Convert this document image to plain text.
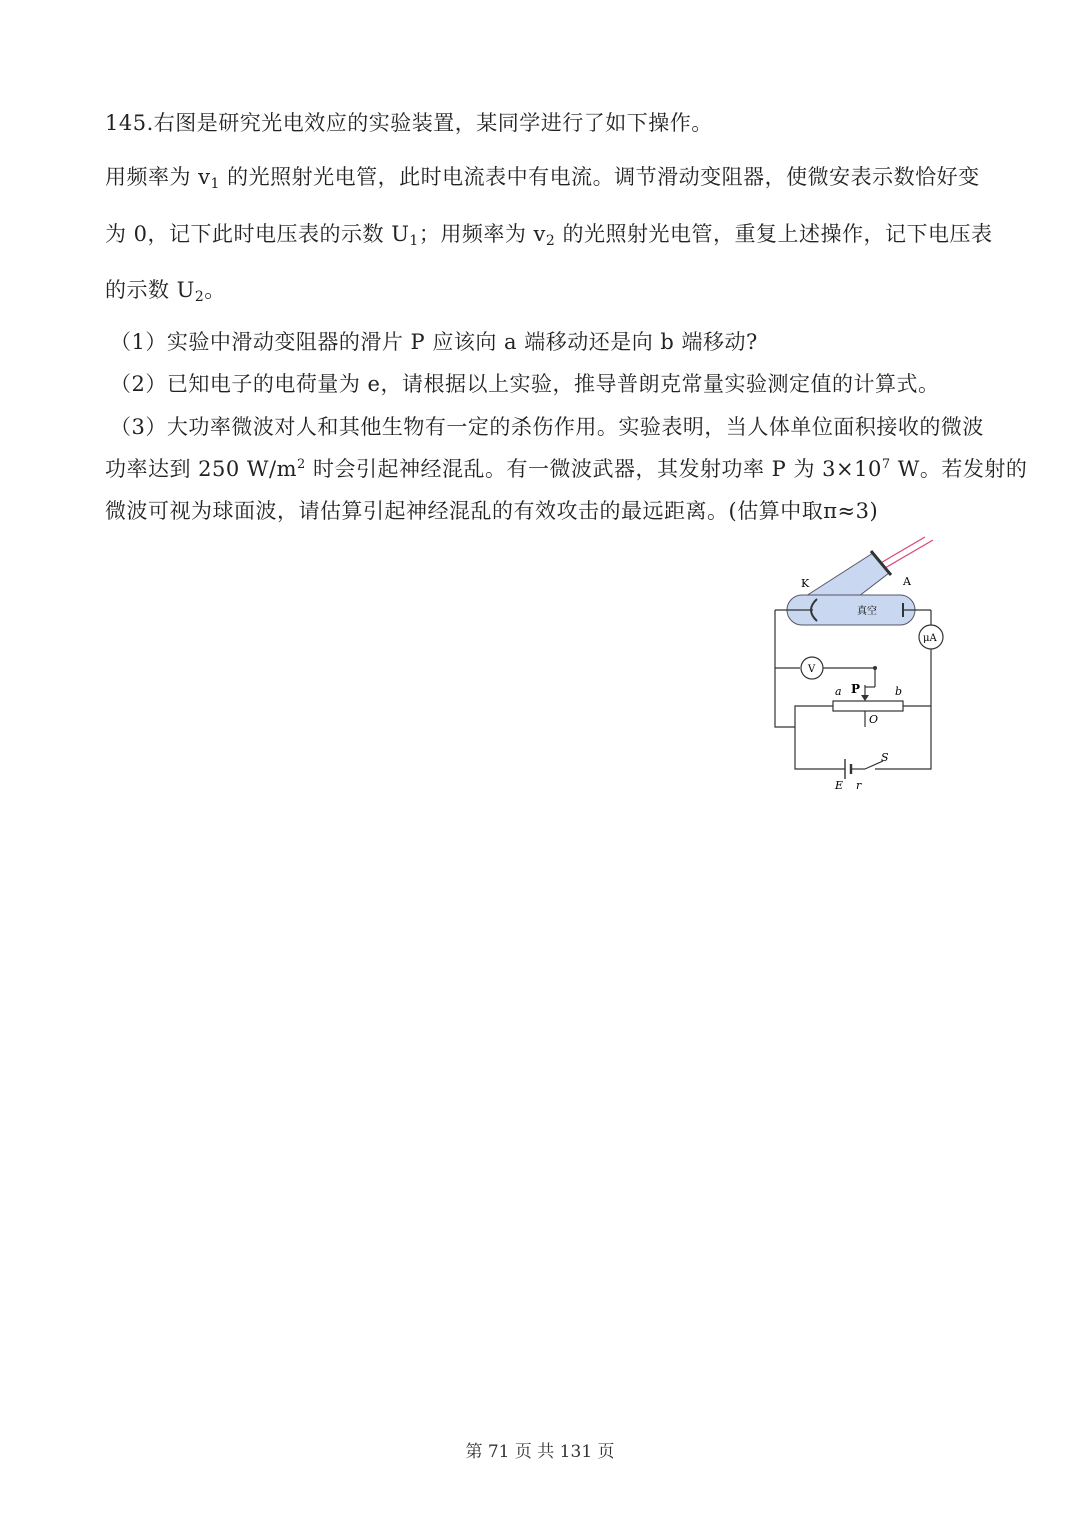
145.右图是研究光电效应的实验装置，某同学进行了如下操作。
用频率为 v1 的光照射光电管，此时电流表中有电流。调节滑动变阻器，使微安表示数恰好变
为 0，记下此时电压表的示数 U1；用频率为 v2 的光照射光电管，重复上述操作，记下电压表
的示数 U2。
（1）实验中滑动变阻器的滑片 P 应该向 a 端移动还是向 b 端移动?
（2）已知电子的电荷量为 e，请根据以上实验，推导普朗克常量实验测定值的计算式。
（3）大功率微波对人和其他生物有一定的杀伤作用。实验表明，当人体单位面积接收的微波
功率达到 250 $W/m^2$ 时会引起神经混乱。有一微波武器，其发射功率 P 为 $3\times 10^7$ W。若发射的
微波可视为球面波，请估算引起神经混乱的有效攻击的最远距离。(估算中取π≈3)
K	A
真空
μA
V
P
a	b
O
E r
S
第 71 页 共 131 页
